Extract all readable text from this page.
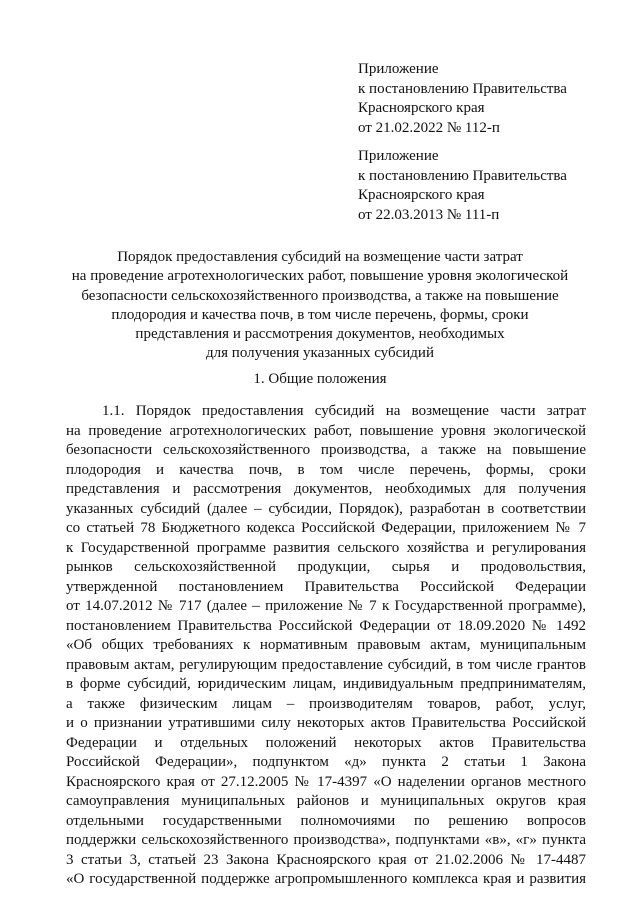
Приложение
к постановлению Правительства
Красноярского края
от 21.02.2022 № 112-п
Приложение
к постановлению Правительства
Красноярского края
от 22.03.2013 № 111-п
Порядок предоставления субсидий на возмещение части затрат
на проведение агротехнологических работ, повышение уровня экологической
безопасности сельскохозяйственного производства, а также на повышение
плодородия и качества почв, в том числе перечень, формы, сроки
представления и рассмотрения документов, необходимых
для получения указанных субсидий
1. Общие положения
1.1. Порядок предоставления субсидий на возмещение части затрат
на проведение агротехнологических работ, повышение уровня экологической
безопасности сельскохозяйственного производства, а также на повышение
плодородия и качества почв, в том числе перечень, формы, сроки
представления и рассмотрения документов, необходимых для получения
указанных субсидий (далее – субсидии, Порядок), разработан в соответствии
со статьей 78 Бюджетного кодекса Российской Федерации, приложением № 7
к Государственной программе развития сельского хозяйства и регулирования
рынков сельскохозяйственной продукции, сырья и продовольствия,
утвержденной постановлением Правительства Российской Федерации
от 14.07.2012 № 717 (далее – приложение № 7 к Государственной программе),
постановлением Правительства Российской Федерации от 18.09.2020 № 1492
«Об общих требованиях к нормативным правовым актам, муниципальным
правовым актам, регулирующим предоставление субсидий, в том числе грантов
в форме субсидий, юридическим лицам, индивидуальным предпринимателям,
а также физическим лицам – производителям товаров, работ, услуг,
и о признании утратившими силу некоторых актов Правительства Российской
Федерации и отдельных положений некоторых актов Правительства
Российской Федерации», подпунктом «д» пункта 2 статьи 1 Закона
Красноярского края от 27.12.2005 № 17-4397 «О наделении органов местного
самоуправления муниципальных районов и муниципальных округов края
отдельными государственными полномочиями по решению вопросов
поддержки сельскохозяйственного производства», подпунктами «в», «г» пункта
3 статьи 3, статьей 23 Закона Красноярского края от 21.02.2006 № 17-4487
«О государственной поддержке агропромышленного комплекса края и развития
